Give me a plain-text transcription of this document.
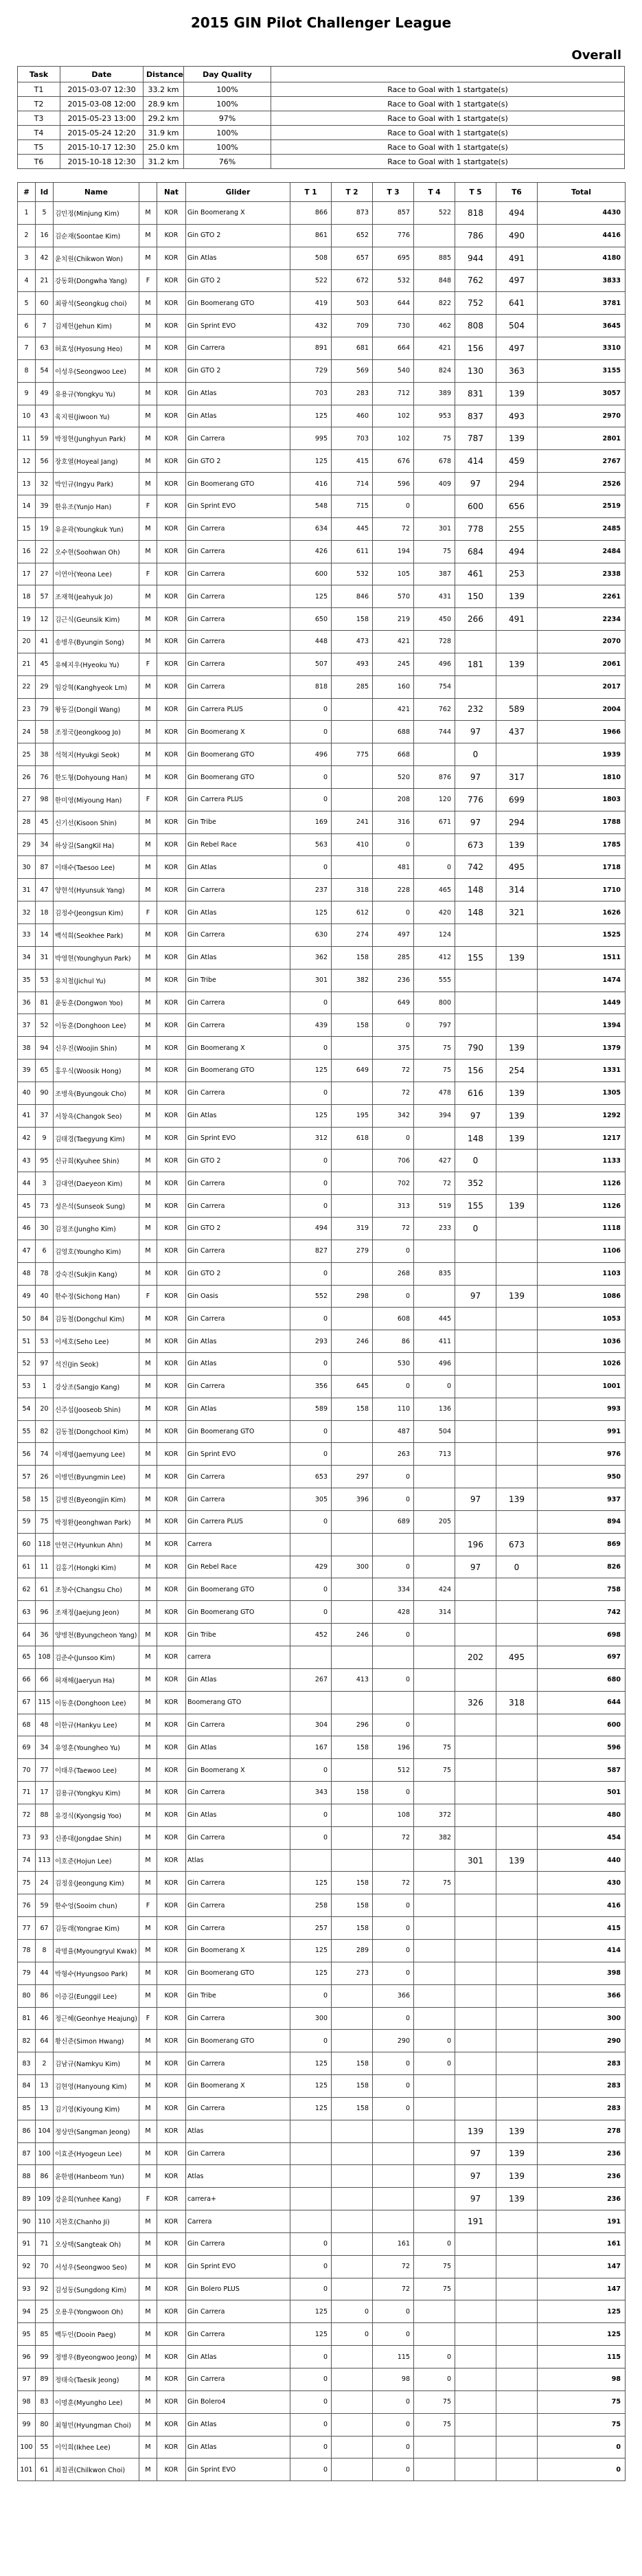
2015 GIN Pilot Challenger League
Overall
Task	Date	Distance	Day Quality	
T1	2015-03-07 12:30	33.2 km	100%	Race to Goal with 1 startgate(s)
T2	2015-03-08 12:00	28.9 km	100%	Race to Goal with 1 startgate(s)
T3	2015-05-23 13:00	29.2 km	97%	Race to Goal with 1 startgate(s)
T4	2015-05-24 12:20	31.9 km	100%	Race to Goal with 1 startgate(s)
T5	2015-10-17 12:30	25.0 km	100%	Race to Goal with 1 startgate(s)
T6	2015-10-18 12:30	31.2 km	76%	Race to Goal with 1 startgate(s)
#	Id	Name		Nat	Glider	T 1	T 2	T 3	T 4	T 5	T6	Total
1	5	김민정(Minjung Kim)	M	KOR	Gin Boomerang X	866	873	857	522	818	494	4430
2	16	김순재(Soontae Kim)	M	KOR	Gin GTO 2	861	652	776		786	490	4416
3	42	윤치원(Chikwon Won)	M	KOR	Gin Atlas	508	657	695	885	944	491	4180
4	21	강동화(Dongwha Yang)	F	KOR	Gin GTO 2	522	672	532	848	762	497	3833
5	60	최광석(Seongkug choi)	M	KOR	Gin Boomerang GTO	419	503	644	822	752	641	3781
6	7	김제헌(Jehun Kim)	M	KOR	Gin Sprint EVO	432	709	730	462	808	504	3645
7	63	허효성(Hyosung Heo)	M	KOR	Gin Carrera	891	681	664	421	156	497	3310
8	54	이성우(Seongwoo Lee)	M	KOR	Gin GTO 2	729	569	540	824	130	363	3155
9	49	유용규(Yongkyu Yu)	M	KOR	Gin Atlas	703	283	712	389	831	139	3057
10	43	육지원(Jiwoon Yu)	M	KOR	Gin Atlas	125	460	102	953	837	493	2970
11	59	박정현(Junghyun Park)	M	KOR	Gin Carrera	995	703	102	75	787	139	2801
12	56	장호열(Hoyeal Jang)	M	KOR	Gin GTO 2	125	415	676	678	414	459	2767
13	32	박인규(Ingyu Park)	M	KOR	Gin Boomerang GTO	416	714	596	409	97	294	2526
14	39	한유조(Yunjo Han)	F	KOR	Gin Sprint EVO	548	715	0		600	656	2519
15	19	유윤곽(Youngkuk Yun)	M	KOR	Gin Carrera	634	445	72	301	778	255	2485
16	22	오수현(Soohwan Oh)	M	KOR	Gin Carrera	426	611	194	75	684	494	2484
17	27	이연아(Yeona Lee)	F	KOR	Gin Carrera	600	532	105	387	461	253	2338
18	57	조재혁(Jeahyuk Jo)	M	KOR	Gin Carrera	125	846	570	431	150	139	2261
19	12	김근식(Geunsik Kim)	M	KOR	Gin Carrera	650	158	219	450	266	491	2234
20	41	송병우(Byungin Song)	M	KOR	Gin Carrera	448	473	421	728			2070
21	45	유혜지우(Hyeoku Yu)	F	KOR	Gin Carrera	507	493	245	496	181	139	2061
22	29	임강혁(Kanghyeok Lm)	M	KOR	Gin Carrera	818	285	160	754			2017
23	79	왕동길(Dongil Wang)	M	KOR	Gin Carrera PLUS	0		421	762	232	589	2004
24	58	조정국(Jeongkoog Jo)	M	KOR	Gin Boomerang X	0		688	744	97	437	1966
25	38	석혁지(Hyukgi Seok)	M	KOR	Gin Boomerang GTO	496	775	668		0		1939
26	76	한도형(Dohyoung Han)	M	KOR	Gin Boomerang GTO	0		520	876	97	317	1810
27	98	한미영(Miyoung Han)	F	KOR	Gin Carrera PLUS	0		208	120	776	699	1803
28	45	신기선(Kisoon Shin)	M	KOR	Gin Tribe	169	241	316	671	97	294	1788
29	34	하상길(SangKil Ha)	M	KOR	Gin Rebel Race	563	410	0		673	139	1785
30	87	이태수(Taesoo Lee)	M	KOR	Gin Atlas	0		481	0	742	495	1718
31	47	양현석(Hyunsuk Yang)	M	KOR	Gin Carrera	237	318	228	465	148	314	1710
32	18	김정수(Jeongsun Kim)	F	KOR	Gin Atlas	125	612	0	420	148	321	1626
33	14	백석희(Seokhee Park)	M	KOR	Gin Carrera	630	274	497	124			1525
34	31	박영현(Younghyun Park)	M	KOR	Gin Atlas	362	158	285	412	155	139	1511
35	53	유치철(Jichul Yu)	M	KOR	Gin Tribe	301	382	236	555			1474
36	81	윤동훈(Dongwon Yoo)	M	KOR	Gin Carrera	0		649	800			1449
37	52	이동훈(Donghoon Lee)	M	KOR	Gin Carrera	439	158	0	797			1394
38	94	신우진(Woojin Shin)	M	KOR	Gin Boomerang X	0		375	75	790	139	1379
39	65	홍우식(Woosik Hong)	M	KOR	Gin Boomerang GTO	125	649	72	75	156	254	1331
40	90	조병욱(Byungouk Cho)	M	KOR	Gin Carrera	0		72	478	616	139	1305
41	37	서창욱(Changok Seo)	M	KOR	Gin Atlas	125	195	342	394	97	139	1292
42	9	김태경(Taegyung Kim)	M	KOR	Gin Sprint EVO	312	618	0		148	139	1217
43	95	신규희(Kyuhee Shin)	M	KOR	Gin GTO 2	0		706	427	0		1133
44	3	김대연(Daeyeon Kim)	M	KOR	Gin Carrera	0		702	72	352		1126
45	73	성은석(Sunseok Sung)	M	KOR	Gin Carrera	0		313	519	155	139	1126
46	30	김정조(Jungho Kim)	M	KOR	Gin GTO 2	494	319	72	233	0		1118
47	6	김영호(Youngho Kim)	M	KOR	Gin Carrera	827	279	0				1106
48	78	강숙진(Sukjin Kang)	M	KOR	Gin GTO 2	0		268	835			1103
49	40	한수정(Sichong Han)	F	KOR	Gin Oasis	552	298	0		97	139	1086
50	84	김동철(Dongchul Kim)	M	KOR	Gin Carrera	0		608	445			1053
51	53	이세호(Seho Lee)	M	KOR	Gin Atlas	293	246	86	411			1036
52	97	석진(Jin Seok)	M	KOR	Gin Atlas	0		530	496			1026
53	1	강상조(Sangjo Kang)	M	KOR	Gin Carrera	356	645	0	0			1001
54	20	신주섭(Jooseob Shin)	M	KOR	Gin Atlas	589	158	110	136			993
55	82	김동철(Dongchool Kim)	M	KOR	Gin Boomerang GTO	0		487	504			991
56	74	이재명(Jaemyung Lee)	M	KOR	Gin Sprint EVO	0		263	713			976
57	26	이병민(Byungmin Lee)	M	KOR	Gin Carrera	653	297	0				950
58	15	김병진(Byeongjin Kim)	M	KOR	Gin Carrera	305	396	0		97	139	937
59	75	박정환(Jeonghwan Park)	M	KOR	Gin Carrera PLUS	0		689	205			894
60	118	안현근(Hyunkun Ahn)	M	KOR	Carrera					196	673	869
61	11	김홍기(Hongki Kim)	M	KOR	Gin Rebel Race	429	300	0		97	0	826
62	61	조창수(Changsu Cho)	M	KOR	Gin Boomerang GTO	0		334	424			758
63	96	조재정(Jaejung Jeon)	M	KOR	Gin Boomerang GTO	0		428	314			742
64	36	양병천(Byungcheon Yang)	M	KOR	Gin Tribe	452	246	0				698
65	108	김준수(Junsoo Kim)	M	KOR	carrera					202	495	697
66	66	허재해(Jaeryun Ha)	M	KOR	Gin Atlas	267	413	0				680
67	115	이동훈(Donghoon Lee)	M	KOR	Boomerang GTO					326	318	644
68	48	이한규(Hankyu Lee)	M	KOR	Gin Carrera	304	296	0				600
69	34	유영훈(Youngheo Yu)	M	KOR	Gin Atlas	167	158	196	75			596
70	77	이태우(Taewoo Lee)	M	KOR	Gin Boomerang X	0		512	75			587
71	17	김용규(Yongkyu Kim)	M	KOR	Gin Carrera	343	158	0				501
72	88	유경식(Kyongsig Yoo)	M	KOR	Gin Atlas	0		108	372			480
73	93	신종대(Jongdae Shin)	M	KOR	Gin Carrera	0		72	382			454
74	113	이호준(Hojun Lee)	M	KOR	Atlas					301	139	440
75	24	김정웅(Jeongung Kim)	M	KOR	Gin Carrera	125	158	72	75			430
76	59	한수엉(Sooim chun)	F	KOR	Gin Carrera	258	158	0				416
77	67	김동래(Yongrae Kim)	M	KOR	Gin Carrera	257	158	0				415
78	8	곽명율(Myoungryul Kwak)	M	KOR	Gin Boomerang X	125	289	0				414
79	44	박형수(Hyungsoo Park)	M	KOR	Gin Boomerang GTO	125	273	0				398
80	86	이증길(Eunggil Lee)	M	KOR	Gin Tribe	0		366				366
81	46	정근혜(Geonhye Heajung)	F	KOR	Gin Carrera	300		0				300
82	64	황신준(Simon Hwang)	M	KOR	Gin Boomerang GTO	0		290	0			290
83	2	김남규(Namkyu Kim)	M	KOR	Gin Carrera	125	158	0	0			283
84	13	김현영(Hanyoung Kim)	M	KOR	Gin Boomerang X	125	158	0				283
85	13	김기영(Kiyoung Kim)	M	KOR	Gin Carrera	125	158	0				283
86	104	정상만(Sangman Jeong)	M	KOR	Atlas					139	139	278
87	100	이효준(Hyogeun Lee)	M	KOR	Gin Carrera					97	139	236
88	86	윤한범(Hanbeom Yun)	M	KOR	Atlas					97	139	236
89	109	강윤희(Yunhee Kang)	F	KOR	carrera+					97	139	236
90	110	지찬호(Chanho Ji)	M	KOR	Carrera					191		191
91	71	오상택(Sangteak Oh)	M	KOR	Gin Carrera	0		161	0			161
92	70	서성우(Seongwoo Seo)	M	KOR	Gin Sprint EVO	0		72	75			147
93	92	김성동(Sungdong Kim)	M	KOR	Gin Bolero PLUS	0		72	75			147
94	25	오용우(Yongwoon Oh)	M	KOR	Gin Carrera	125	0	0				125
95	85	백두인(Dooin Paeg)	M	KOR	Gin Carrera	125	0	0				125
96	99	정병우(Byeongwoo Jeong)	M	KOR	Gin Atlas	0		115	0			115
97	89	정태숙(Taesik Jeong)	M	KOR	Gin Carrera	0		98	0			98
98	83	이명훈(Myungho Lee)	M	KOR	Gin Bolero4	0		0	75			75
99	80	최형민(Hyungman Choi)	M	KOR	Gin Atlas	0		0	75			75
100	55	이익희(Ikhee Lee)	M	KOR	Gin Atlas	0		0				0
101	61	최칠권(Chilkwon Choi)	M	KOR	Gin Sprint EVO	0		0				0
